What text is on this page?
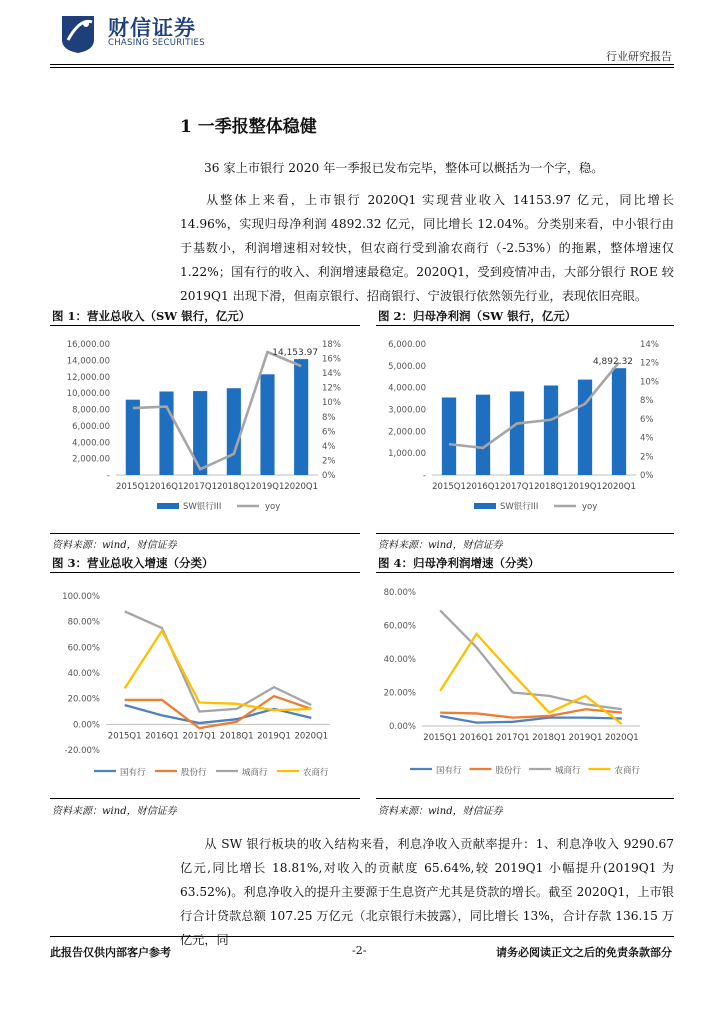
财信证券
CHASING SECURITIES
行业研究报告
1 一季报整体稳健

36 家上市银行 2020 年一季报已发布完毕，整体可以概括为一个字，稳。

从整体上来看，上市银行 2020Q1 实现营业收入 14153.97 亿元，同比增长 14.96%，实现归母净利润 4892.32 亿元，同比增长 12.04%。分类别来看，中小银行由于基数小，利润增速相对较快，但农商行受到渝农商行（-2.53%）的拖累，整体增速仅 1.22%；国有行的收入、利润增速最稳定。2020Q1，受到疫情冲击，大部分银行 ROE 较 2019Q1 出现下滑，但南京银行、招商银行、宁波银行依然领先行业，表现依旧亮眼。

图 1：营业总收入（SW 银行，亿元）
-
2,000.00
4,000.00
6,000.00
8,000.00
10,000.00
12,000.00
14,000.00
16,000.00
0%
2%
4%
6%
8%
10%
12%
14%
16%
18%
2015Q1 2016Q1 2017Q1 2018Q1 2019Q1 2020Q1
14,153.97
SW银行III	yoy
资料来源：wind，财信证券
图 2：归母净利润（SW 银行，亿元）
-
1,000.00
2,000.00
3,000.00
4,000.00
5,000.00
6,000.00
0%
2%
4%
6%
8%
10%
12%
14%
2015Q1 2016Q1 2017Q1 2018Q1 2019Q1 2020Q1
4,892.32
SW银行III	yoy
资料来源：wind，财信证券
图 3：营业总收入增速（分类）
-20.00%
0.00%
20.00%
40.00%
60.00%
80.00%
100.00%
2015Q1 2016Q1 2017Q1 2018Q1 2019Q1 2020Q1
国有行	股份行	城商行	农商行
资料来源：wind，财信证券
图 4：归母净利润增速（分类）
0.00%
20.00%
40.00%
60.00%
80.00%
2015Q1 2016Q1 2017Q1 2018Q1 2019Q1 2020Q1
国有行	股份行	城商行	农商行
资料来源：wind，财信证券

从 SW 银行板块的收入结构来看，利息净收入贡献率提升：1、利息净收入 9290.67 亿元,同比增长 18.81%,对收入的贡献度 65.64%,较 2019Q1 小幅提升(2019Q1 为 63.52%)。利息净收入的提升主要源于生息资产尤其是贷款的增长。截至 2020Q1，上市银行合计贷款总额 107.25 万亿元（北京银行未披露），同比增长 13%，合计存款 136.15 万亿元，同

此报告仅供内部客户参考	-2-	请务必阅读正文之后的免责条款部分
